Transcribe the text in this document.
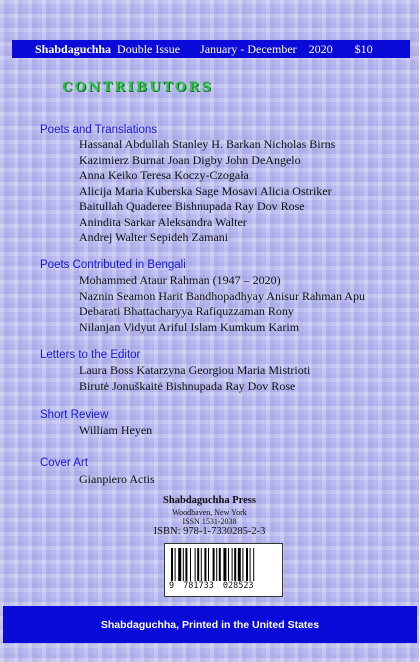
Shabdaguchha Double Issue January - December 2020 $10
CONTRIBUTORS
Poets and Translations
Hassanal Abdullah Stanley H. Barkan Nicholas Birns
Kazimierz Burnat Joan Digby John DeAngelo
Anna Keiko Teresa Koczy-Czogała
Alicija Maria Kuberska Sage Mosavi Alicia Ostriker
Baitullah Quaderee Bishnupada Ray Dov Rose
Anindita Sarkar Aleksandra Walter
Andrej Walter Sepideh Zamani
Poets Contributed in Bengali
Mohammed Ataur Rahman (1947 – 2020)
Naznin Seamon Harit Bandhopadhyay Anisur Rahman Apu
Debarati Bhattacharyya Rafiquzzaman Rony
Nilanjan Vidyut Ariful Islam Kumkum Karim
Letters to the Editor
Laura Boss Katarzyna Georgiou Maria Mistrioti
Birutė Jonuškaitė Bishnupada Ray Dov Rose
Short Review
William Heyen
Cover Art
Gianpiero Actis
Shabdaguchha Press
Woodhaven, New York
ISSN 1531-2038
ISBN: 978-1-7330285-2-3
9 781733 028523
Shabdaguchha, Printed in the United States
